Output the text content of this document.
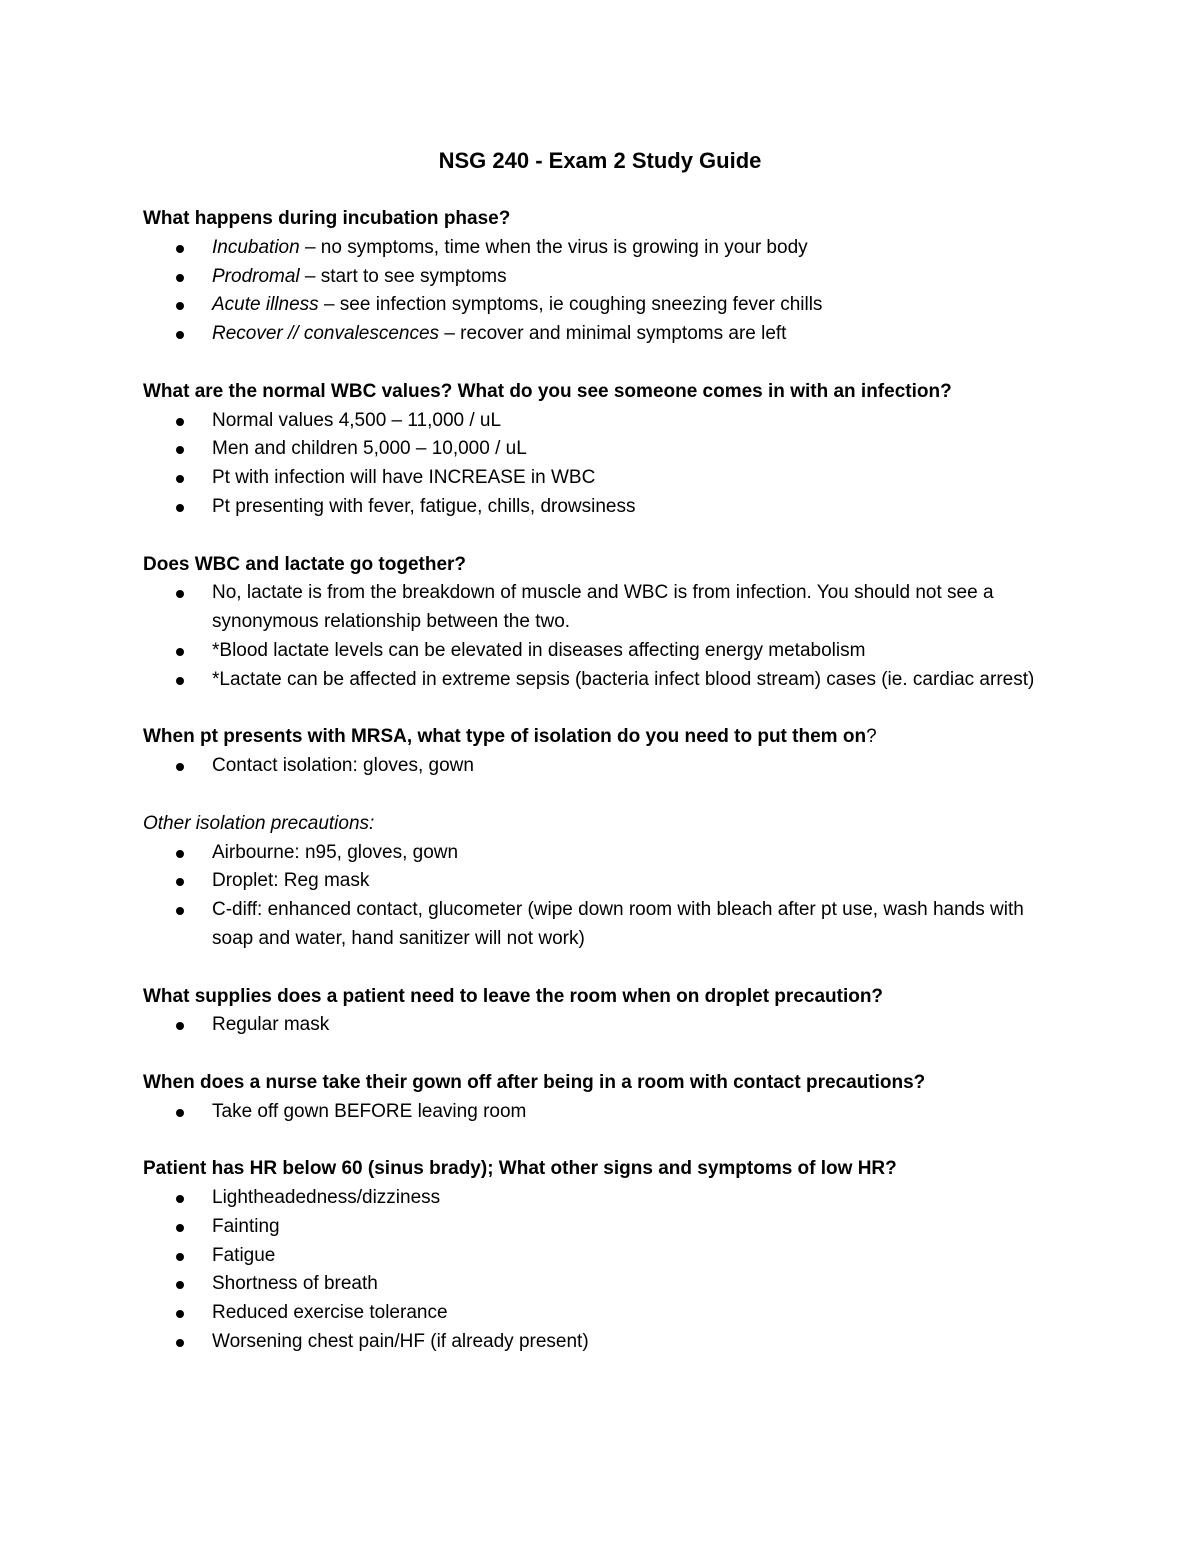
NSG 240 - Exam 2 Study Guide

What happens during incubation phase?

Incubation – no symptoms, time when the virus is growing in your body
Prodromal – start to see symptoms
Acute illness – see infection symptoms, ie coughing sneezing fever chills
Recover // convalescences – recover and minimal symptoms are left

What are the normal WBC values? What do you see someone comes in with an infection?

Normal values 4,500 – 11,000 / uL
Men and children 5,000 – 10,000 / uL
Pt with infection will have INCREASE in WBC
Pt presenting with fever, fatigue, chills, drowsiness

Does WBC and lactate go together?

No, lactate is from the breakdown of muscle and WBC is from infection. You should not see a synonymous relationship between the two.
*Blood lactate levels can be elevated in diseases affecting energy metabolism
*Lactate can be affected in extreme sepsis (bacteria infect blood stream) cases (ie. cardiac arrest)

When pt presents with MRSA, what type of isolation do you need to put them on?

Contact isolation: gloves, gown

Other isolation precautions:

Airbourne: n95, gloves, gown
Droplet: Reg mask
C-diff: enhanced contact, glucometer (wipe down room with bleach after pt use, wash hands with soap and water, hand sanitizer will not work)

What supplies does a patient need to leave the room when on droplet precaution?

Regular mask

When does a nurse take their gown off after being in a room with contact precautions?

Take off gown BEFORE leaving room

Patient has HR below 60 (sinus brady); What other signs and symptoms of low HR?

Lightheadedness/dizziness
Fainting
Fatigue
Shortness of breath
Reduced exercise tolerance
Worsening chest pain/HF (if already present)
